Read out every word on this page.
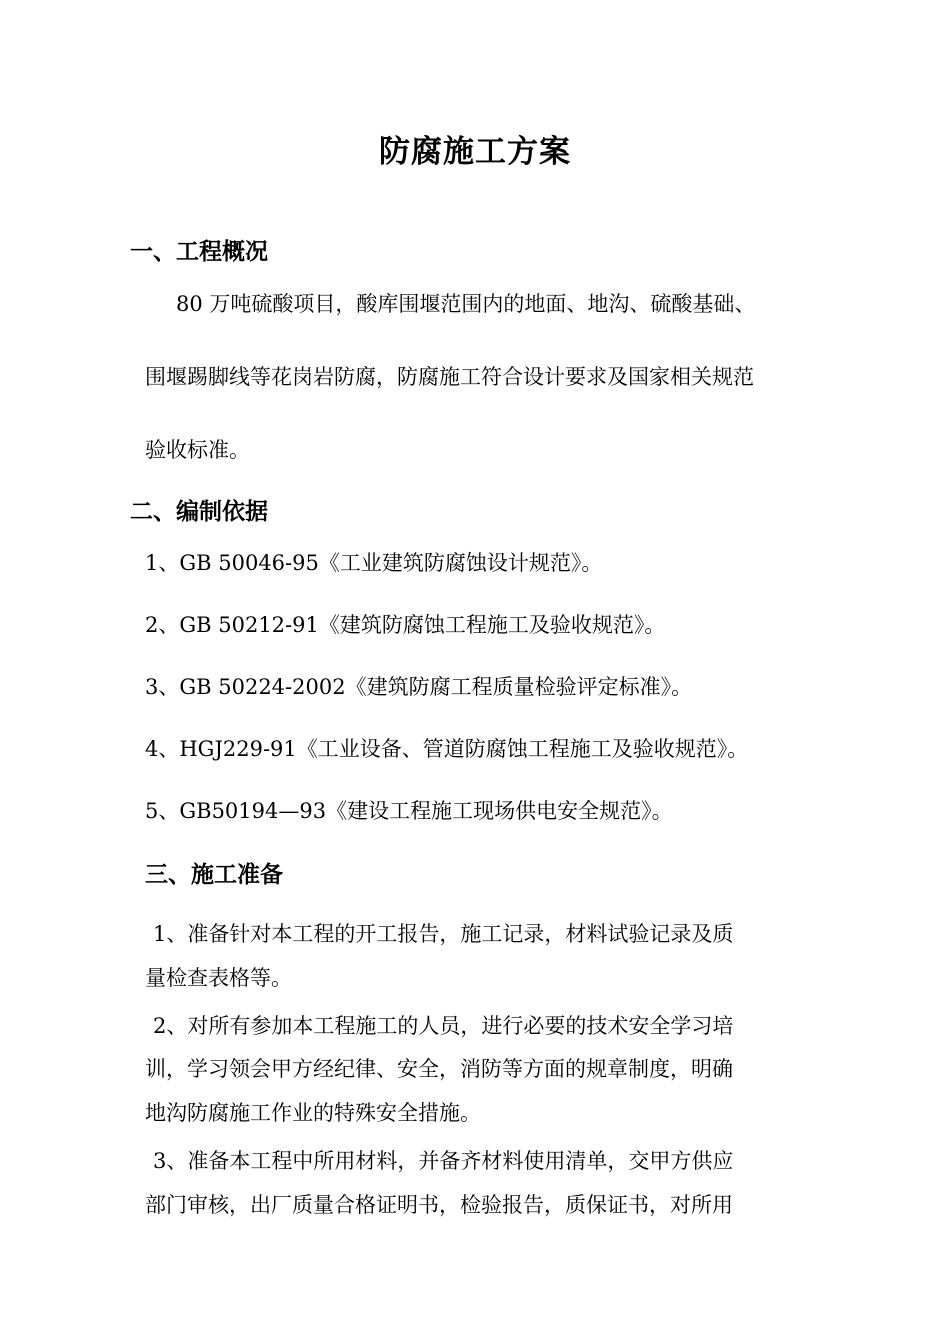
防腐施工方案
一、工程概况
80 万吨硫酸项目，酸库围堰范围内的地面、地沟、硫酸基础、
围堰踢脚线等花岗岩防腐，防腐施工符合设计要求及国家相关规范
验收标准。
二、编制依据
1、GB 50046-95《工业建筑防腐蚀设计规范》。
2、GB 50212-91《建筑防腐蚀工程施工及验收规范》。
3、GB 50224-2002《建筑防腐工程质量检验评定标准》。
4、HGJ229-91《工业设备、管道防腐蚀工程施工及验收规范》。
5、GB50194—93《建设工程施工现场供电安全规范》。
三、施工准备
1、准备针对本工程的开工报告，施工记录，材料试验记录及质
量检查表格等。
2、对所有参加本工程施工的人员，进行必要的技术安全学习培
训，学习领会甲方经纪律、安全，消防等方面的规章制度，明确
地沟防腐施工作业的特殊安全措施。
3、准备本工程中所用材料，并备齐材料使用清单，交甲方供应
部门审核，出厂质量合格证明书，检验报告，质保证书，对所用
